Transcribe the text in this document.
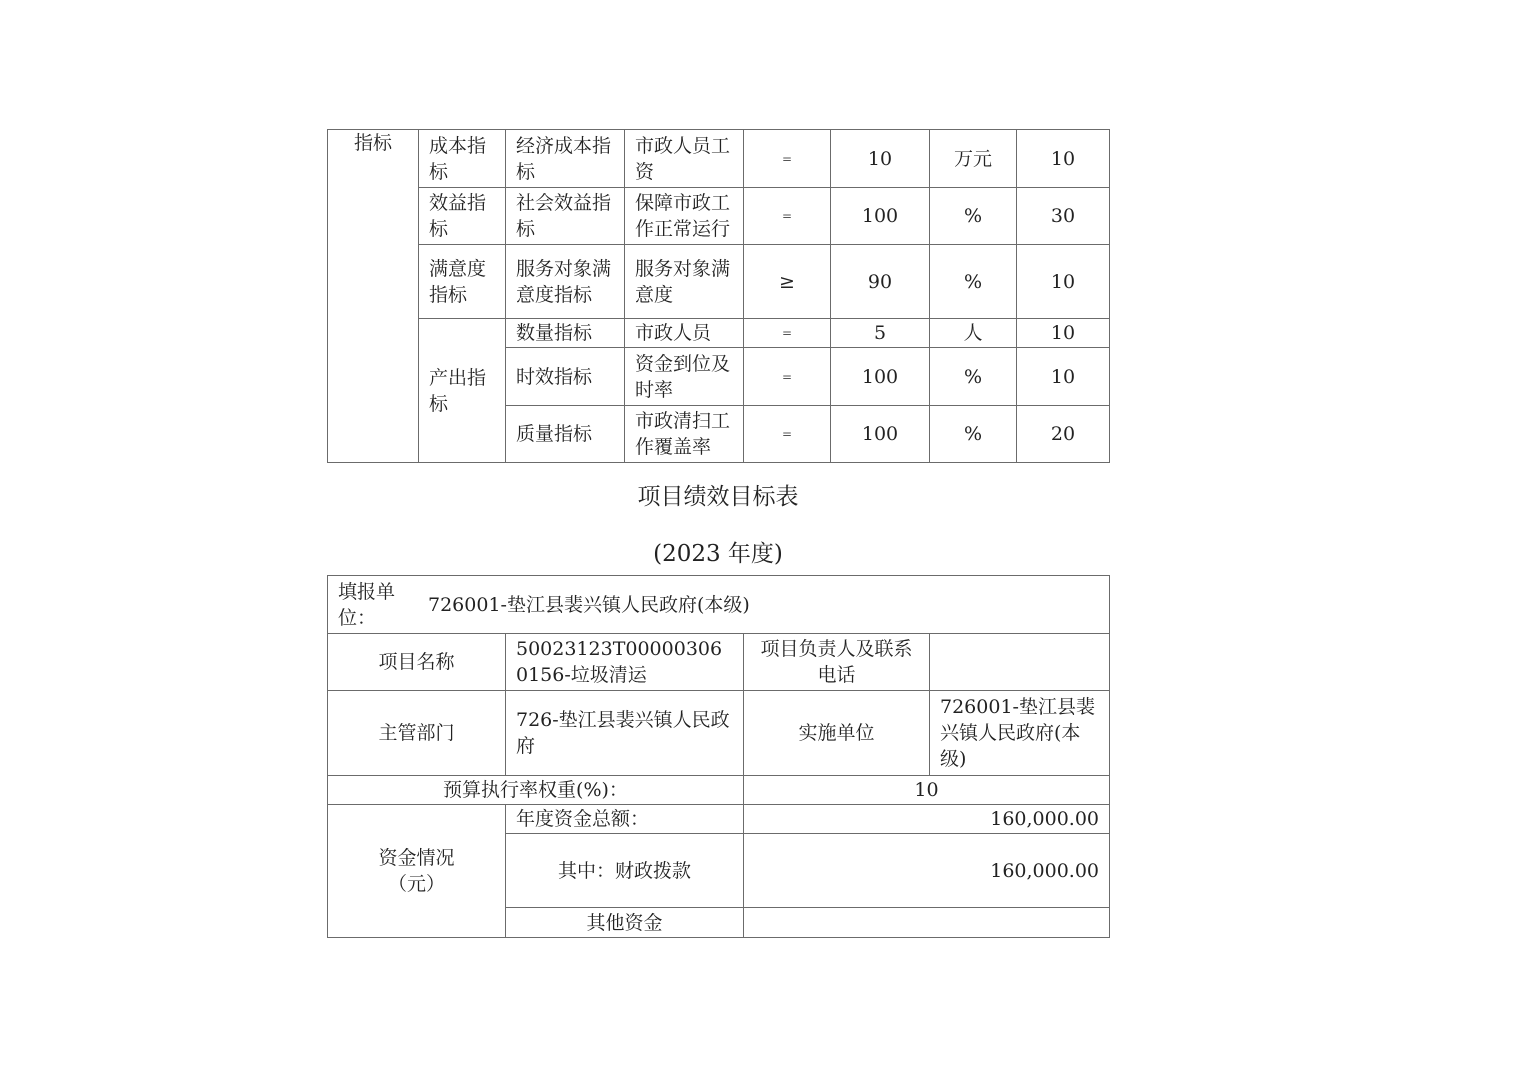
指标	成本指标	经济成本指标	市政人员工资	=	10	万元	10
	效益指标	社会效益指标	保障市政工作正常运行	=	100	%	30
	满意度指标	服务对象满意度指标	服务对象满意度	≥	90	%	10
	产出指标	数量指标	市政人员	=	5	人	10
		时效指标	资金到位及时率	=	100	%	10
		质量指标	市政清扫工作覆盖率	=	100	%	20
项目绩效目标表
(2023 年度)
填报单位：
726001-垫江县裴兴镇人民政府(本级)			

项目名称	50023123T000003060156-垃圾清运	项目负责人及联系电话	
主管部门	726-垫江县裴兴镇人民政府	实施单位	726001-垫江县裴兴镇人民政府(本级)
预算执行率权重(%)：		10	

资金情况（元）	年度资金总额：	160,000.00	
	其中：财政拨款	160,000.00	
	其他资金		
